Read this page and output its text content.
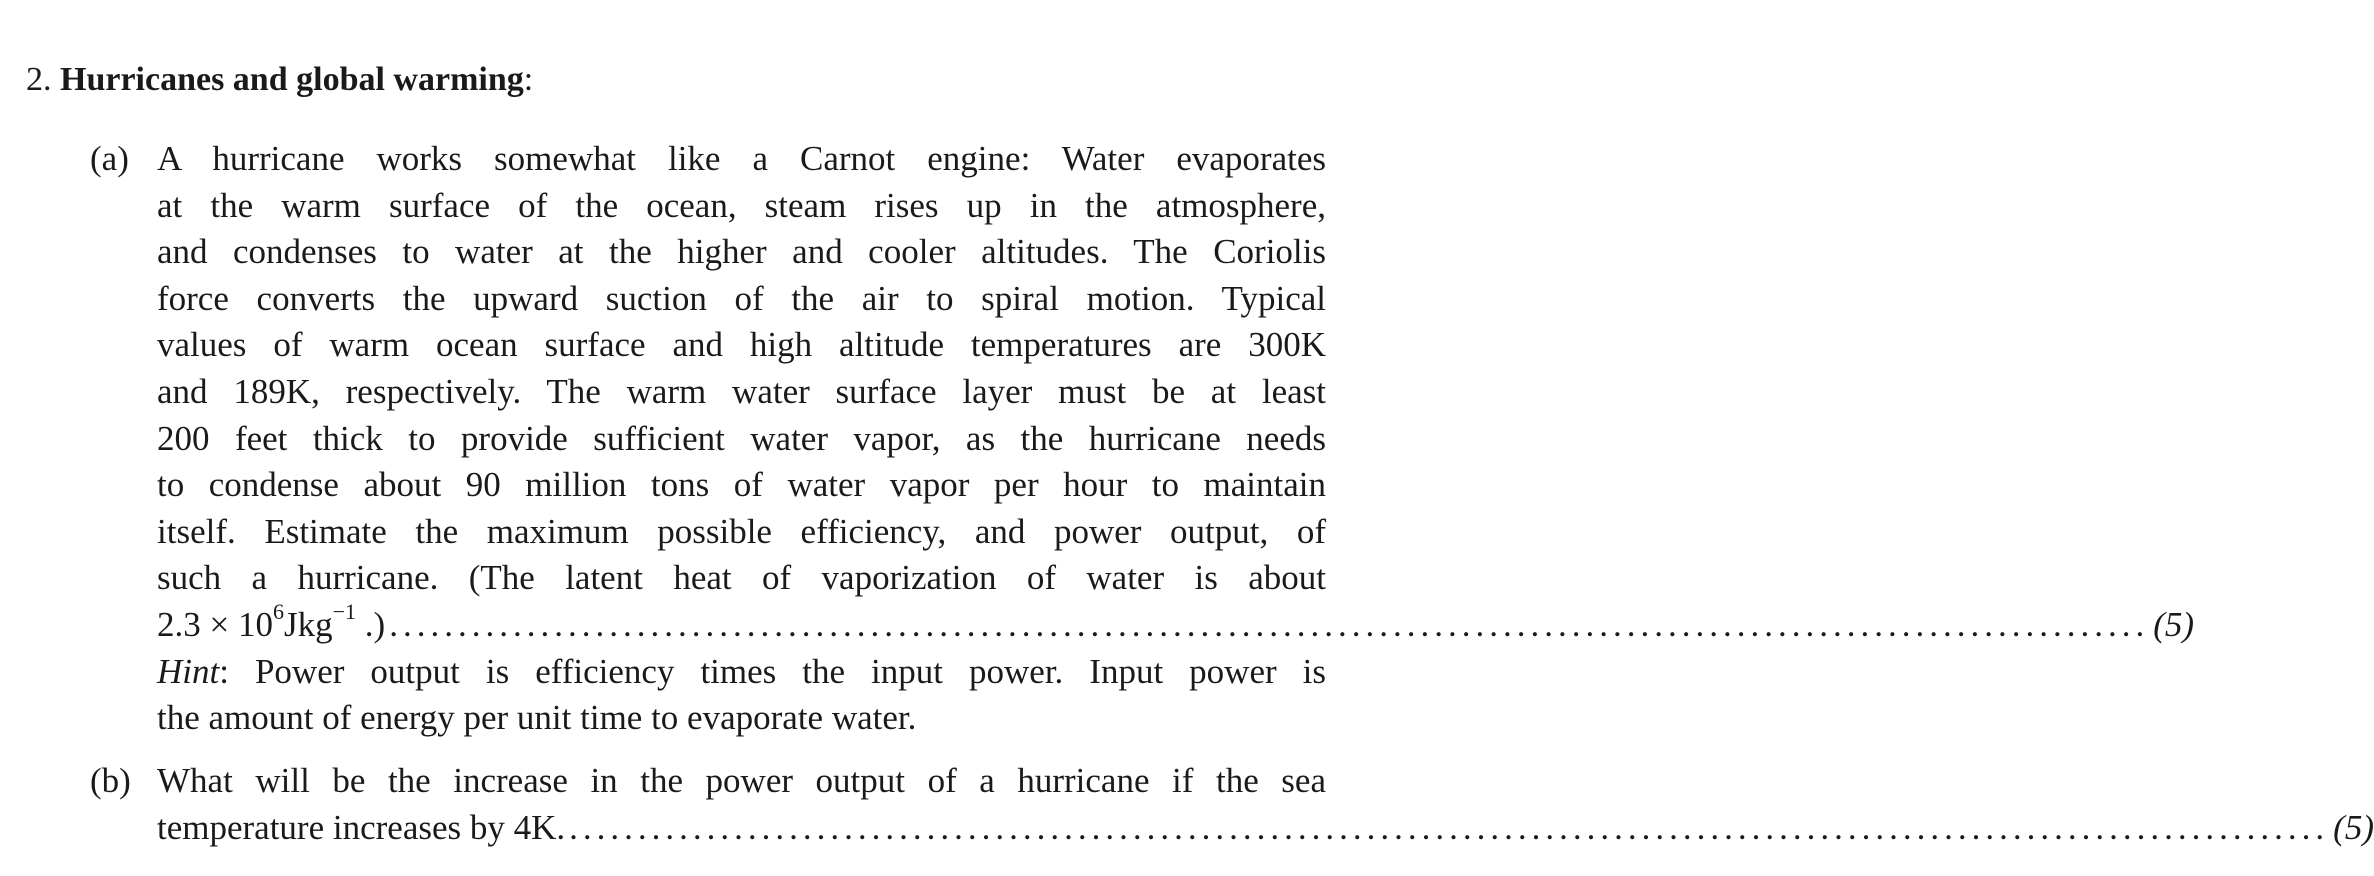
2. Hurricanes and global warming:
(a) A hurricane works somewhat like a Carnot engine: Water evaporates
at the warm surface of the ocean, steam rises up in the atmosphere,
and condenses to water at the higher and cooler altitudes. The Coriolis
force converts the upward suction of the air to spiral motion. Typical
values of warm ocean surface and high altitude temperatures are 300K
and 189K, respectively. The warm water surface layer must be at least
200 feet thick to provide sufficient water vapor, as the hurricane needs
to condense about 90 million tons of water vapor per hour to maintain
itself. Estimate the maximum possible efficiency, and power output, of
such a hurricane. (The latent heat of vaporization of water is about
$2.3 \times 10^6Jkg^{-1}$ .) ................................................................................................................................ (5)
Hint: Power output is efficiency times the input power. Input power is
the amount of energy per unit time to evaporate water.
(b) What will be the increase in the power output of a hurricane if the sea
temperature increases by 4K. ................................................................................................................................ (5)
